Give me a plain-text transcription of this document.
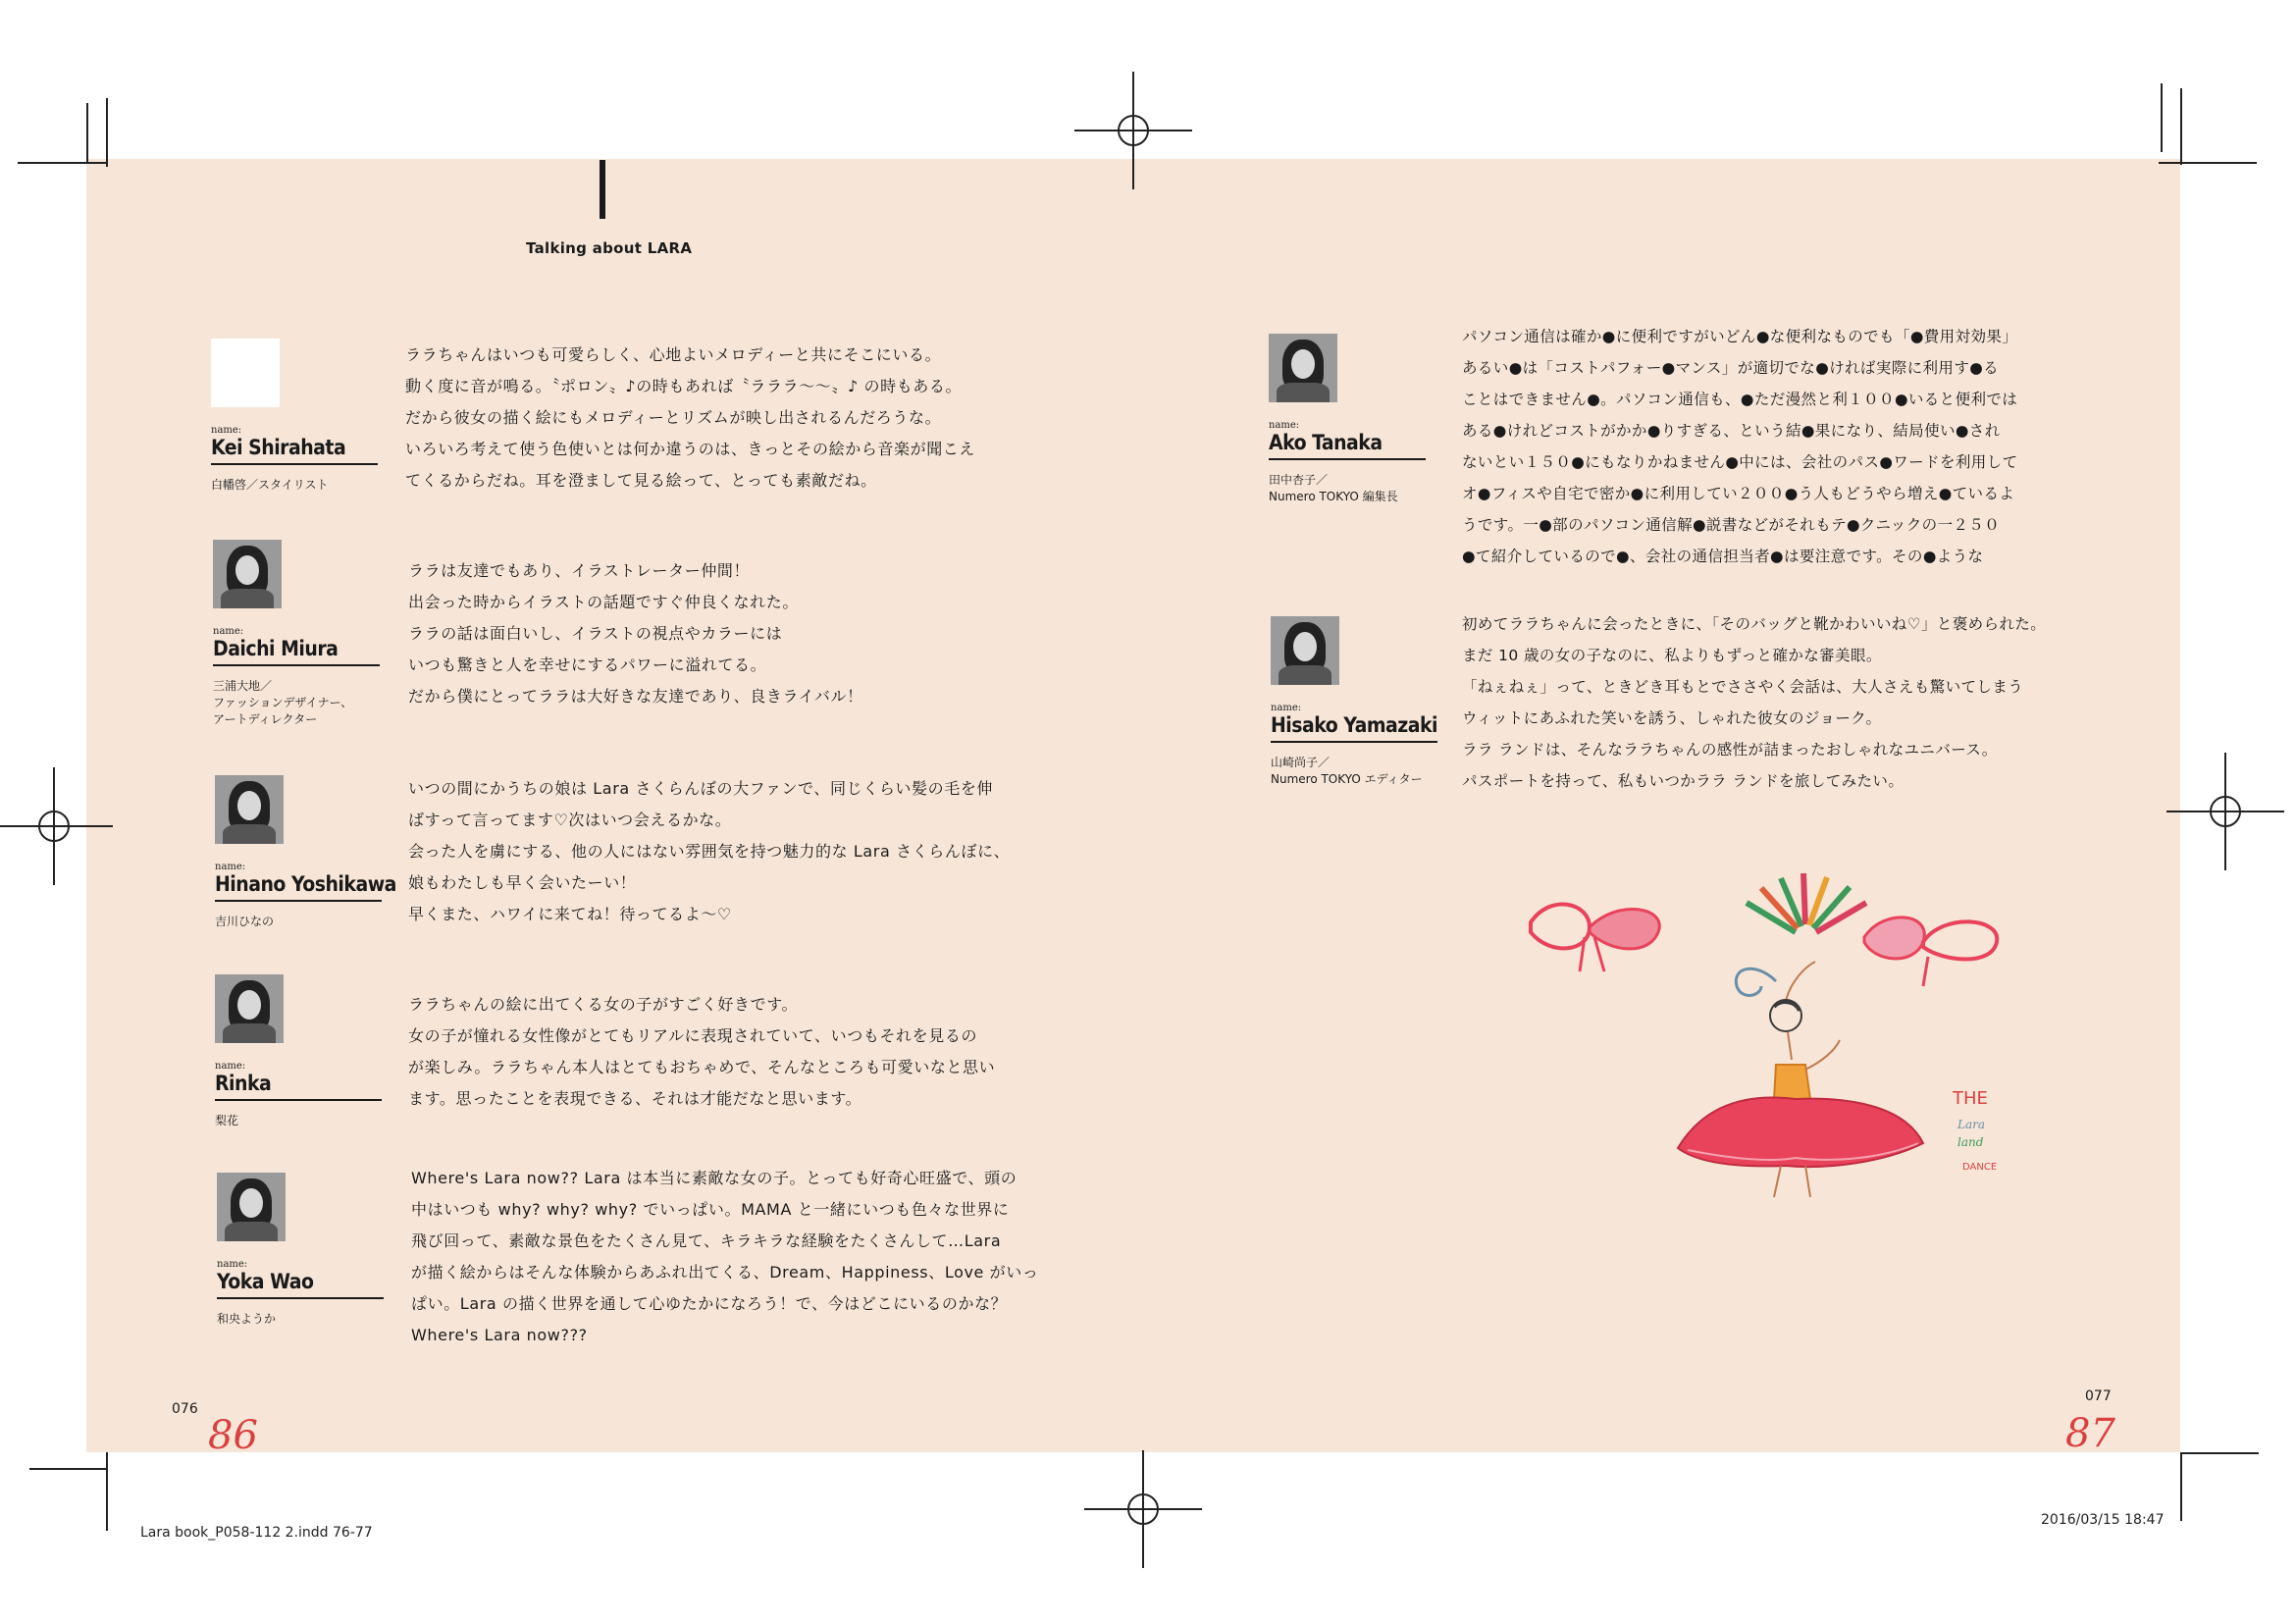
Talking about LARA
name:
Kei Shirahata
白幡啓／スタイリスト
ララちゃんはいつも可愛らしく、心地よいメロディーと共にそこにいる。
動く度に音が鳴る。〝ポロン〟♪の時もあれば〝ラララ〜〜〟♪ の時もある。
だから彼女の描く絵にもメロディーとリズムが映し出されるんだろうな。
いろいろ考えて使う色使いとは何か違うのは、きっとその絵から音楽が聞こえ
てくるからだね。耳を澄まして見る絵って、とっても素敵だね。
name:
Daichi Miura
三浦大地／
ファッションデザイナー、
アートディレクター
ララは友達でもあり、イラストレーター仲間！
出会った時からイラストの話題ですぐ仲良くなれた。
ララの話は面白いし、イラストの視点やカラーには
いつも驚きと人を幸せにするパワーに溢れてる。
だから僕にとってララは大好きな友達であり、良きライバル！
name:
Hinano Yoshikawa
吉川ひなの
いつの間にかうちの娘は Lara さくらんぼの大ファンで、同じくらい髪の毛を伸
ばすって言ってます♡次はいつ会えるかな。
会った人を虜にする、他の人にはない雰囲気を持つ魅力的な Lara さくらんぼに、
娘もわたしも早く会いたーい！
早くまた、ハワイに来てね！待ってるよ〜♡
name:
Rinka
梨花
ララちゃんの絵に出てくる女の子がすごく好きです。
女の子が憧れる女性像がとてもリアルに表現されていて、いつもそれを見るの
が楽しみ。ララちゃん本人はとてもおちゃめで、そんなところも可愛いなと思い
ます。思ったことを表現できる、それは才能だなと思います。
name:
Yoka Wao
和央ようか
Where's Lara now?? Lara は本当に素敵な女の子。とっても好奇心旺盛で、頭の
中はいつも why? why? why? でいっぱい。MAMA と一緒にいつも色々な世界に
飛び回って、素敵な景色をたくさん見て、キラキラな経験をたくさんして…Lara
が描く絵からはそんな体験からあふれ出てくる、Dream、Happiness、Love がいっ
ぱい。Lara の描く世界を通して心ゆたかになろう！で、今はどこにいるのかな？
Where's Lara now???
name:
Ako Tanaka
田中杏子／
Numero TOKYO 編集長
パソコン通信は確か●に便利ですがいどん●な便利なものでも「●費用対効果」
あるい●は「コストパフォー●マンス」が適切でな●ければ実際に利用す●る
ことはできません●。パソコン通信も、●ただ漫然と利１００●いると便利では
ある●けれどコストがかか●りすぎる、という結●果になり、結局使い●され
ないとい１５０●にもなりかねません●中には、会社のパス●ワードを利用して
オ●フィスや自宅で密か●に利用してい２００●う人もどうやら増え●ているよ
うです。一●部のパソコン通信解●説書などがそれもテ●クニックの一２５０
●て紹介しているので●、会社の通信担当者●は要注意です。その●ような
name:
Hisako Yamazaki
山崎尚子／
Numero TOKYO エディター
初めてララちゃんに会ったときに、「そのバッグと靴かわいいね♡」と褒められた。
まだ 10 歳の女の子なのに、私よりもずっと確かな審美眼。
「ねぇねぇ」って、ときどき耳もとでささやく会話は、大人さえも驚いてしまう
ウィットにあふれた笑いを誘う、しゃれた彼女のジョーク。
ララ ランドは、そんなララちゃんの感性が詰まったおしゃれなユニバース。
パスポートを持って、私もいつかララ ランドを旅してみたい。
THE
Lara
land
DANCE
076
077
86	87
Lara book_P058-112 2.indd 76-77
2016/03/15 18:47
